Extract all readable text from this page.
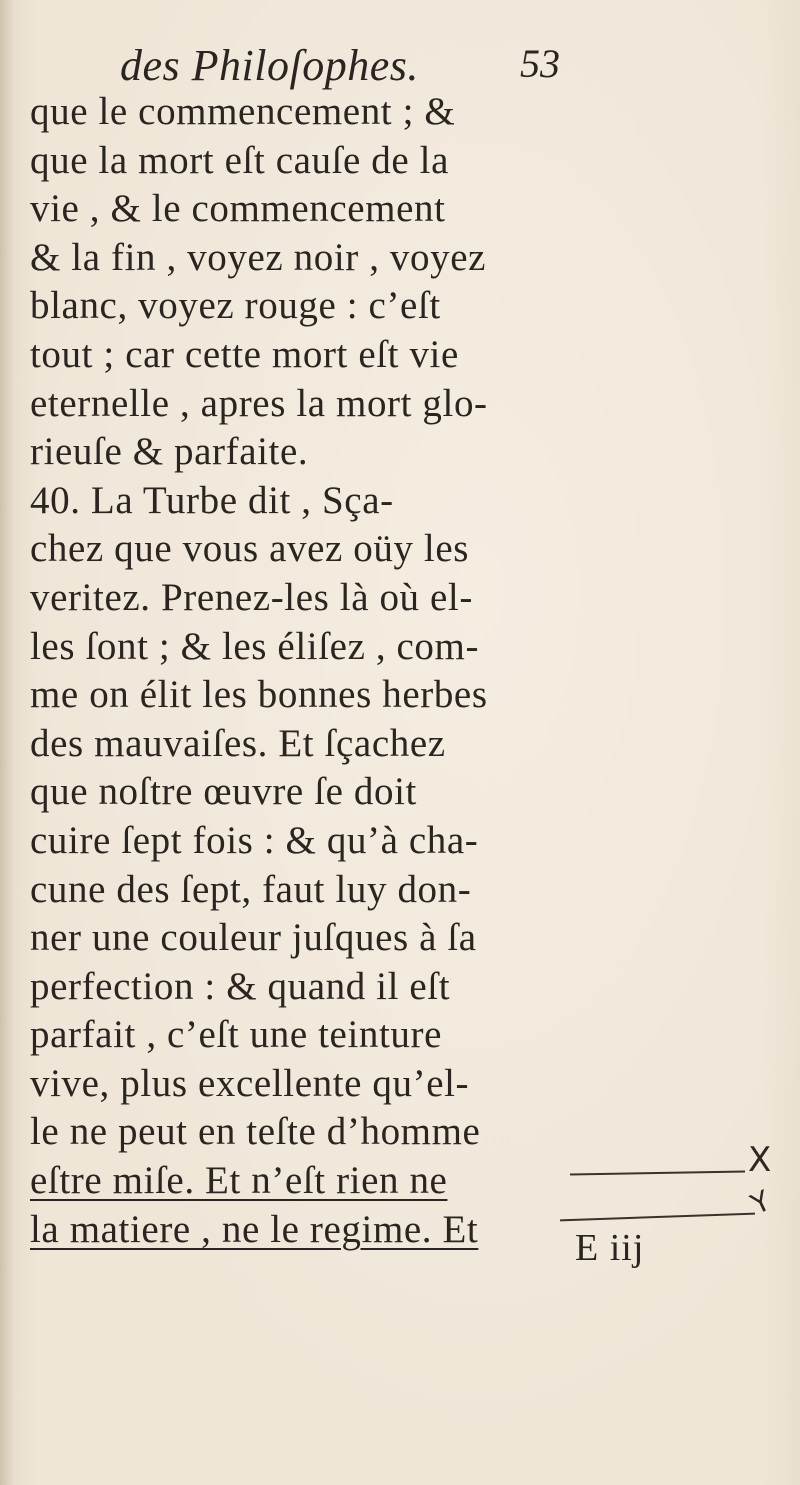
des Philoſophes.	53
que le commencement ; &
que la mort eſt cauſe de la
vie , & le commencement
& la fin , voyez noir , voyez
blanc, voyez rouge : c’eſt
tout ; car cette mort eſt vie
eternelle , apres la mort glo-
rieuſe & parfaite.
40. La Turbe dit , Sça-
chez que vous avez oüy les
veritez. Prenez-les là où el-
les ſont ; & les éliſez , com-
me on élit les bonnes herbes
des mauvaiſes. Et ſçachez
que noſtre œuvre ſe doit
cuire ſept fois : & qu’à cha-
cune des ſept, faut luy don-
ner une couleur juſques à ſa
perfection : & quand il eſt
parfait , c’eſt une teinture
vive, plus excellente qu’el-
le ne peut en teſte d’homme
eſtre miſe. Et n’eſt rien ne
la matiere , ne le regime. Et
X
Y
E iij
